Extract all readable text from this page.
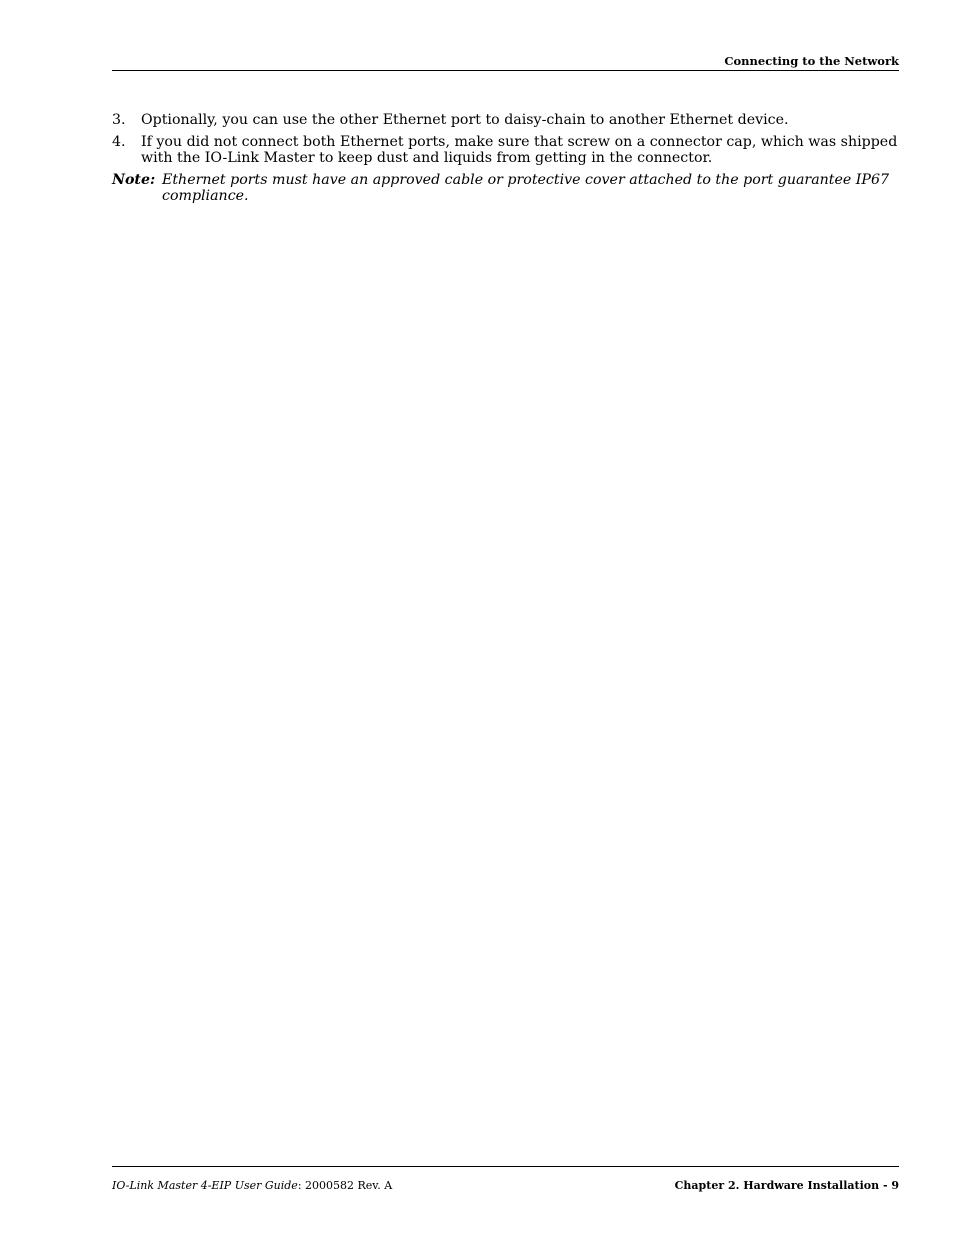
Connecting to the Network
3. Optionally, you can use the other Ethernet port to daisy-chain to another Ethernet device.
4. If you did not connect both Ethernet ports, make sure that screw on a connector cap, which was shipped
with the IO-Link Master to keep dust and liquids from getting in the connector.
Note: Ethernet ports must have an approved cable or protective cover attached to the port guarantee IP67
compliance.
IO-Link Master 4-EIP User Guide: 2000582 Rev. A	Chapter 2. Hardware Installation - 9
